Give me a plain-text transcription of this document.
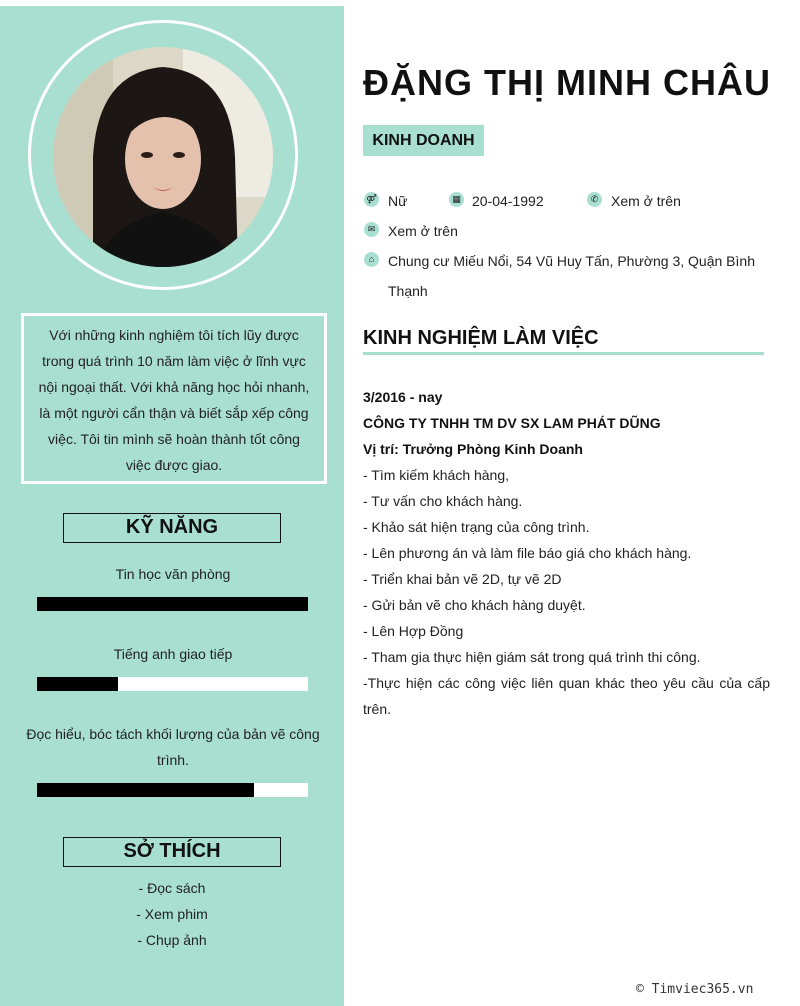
Với những kinh nghiệm tôi tích lũy được trong quá trình 10 năm làm việc ở lĩnh vực nội ngoại thất. Với khả năng học hỏi nhanh, là một người cẩn thận và biết sắp xếp công việc. Tôi tin mình sẽ hoàn thành tốt công việc được giao.
KỸ NĂNG
Tin học văn phòng
Tiếng anh giao tiếp
Đọc hiểu, bóc tách khối lượng của bản vẽ công trình.
SỞ THÍCH
- Đọc sách
- Xem phim
- Chụp ảnh
ĐẶNG THỊ MINH CHÂU
KINH DOANH
⚤ Nữ	▦ 20-04-1992	✆ Xem ở trên
✉ Xem ở trên
⌂ Chung cư Miếu Nổi, 54 Vũ Huy Tấn, Phường 3, Quận Bình Thạnh
KINH NGHIỆM LÀM VIỆC
3/2016 - nay
CÔNG TY TNHH TM DV SX LAM PHÁT DŨNG
Vị trí: Trưởng Phòng Kinh Doanh
- Tìm kiếm khách hàng,
- Tư vấn cho khách hàng.
- Khảo sát hiện trạng của công trình.
- Lên phương án và làm file báo giá cho khách hàng.
- Triển khai bản vẽ 2D, tự vẽ 2D
- Gửi bản vẽ cho khách hàng duyệt.
- Lên Hợp Đồng
- Tham gia thực hiện giám sát trong quá trình thi công.
-Thực hiện các công việc liên quan khác theo yêu cầu của cấp trên.
© Timviec365.vn
